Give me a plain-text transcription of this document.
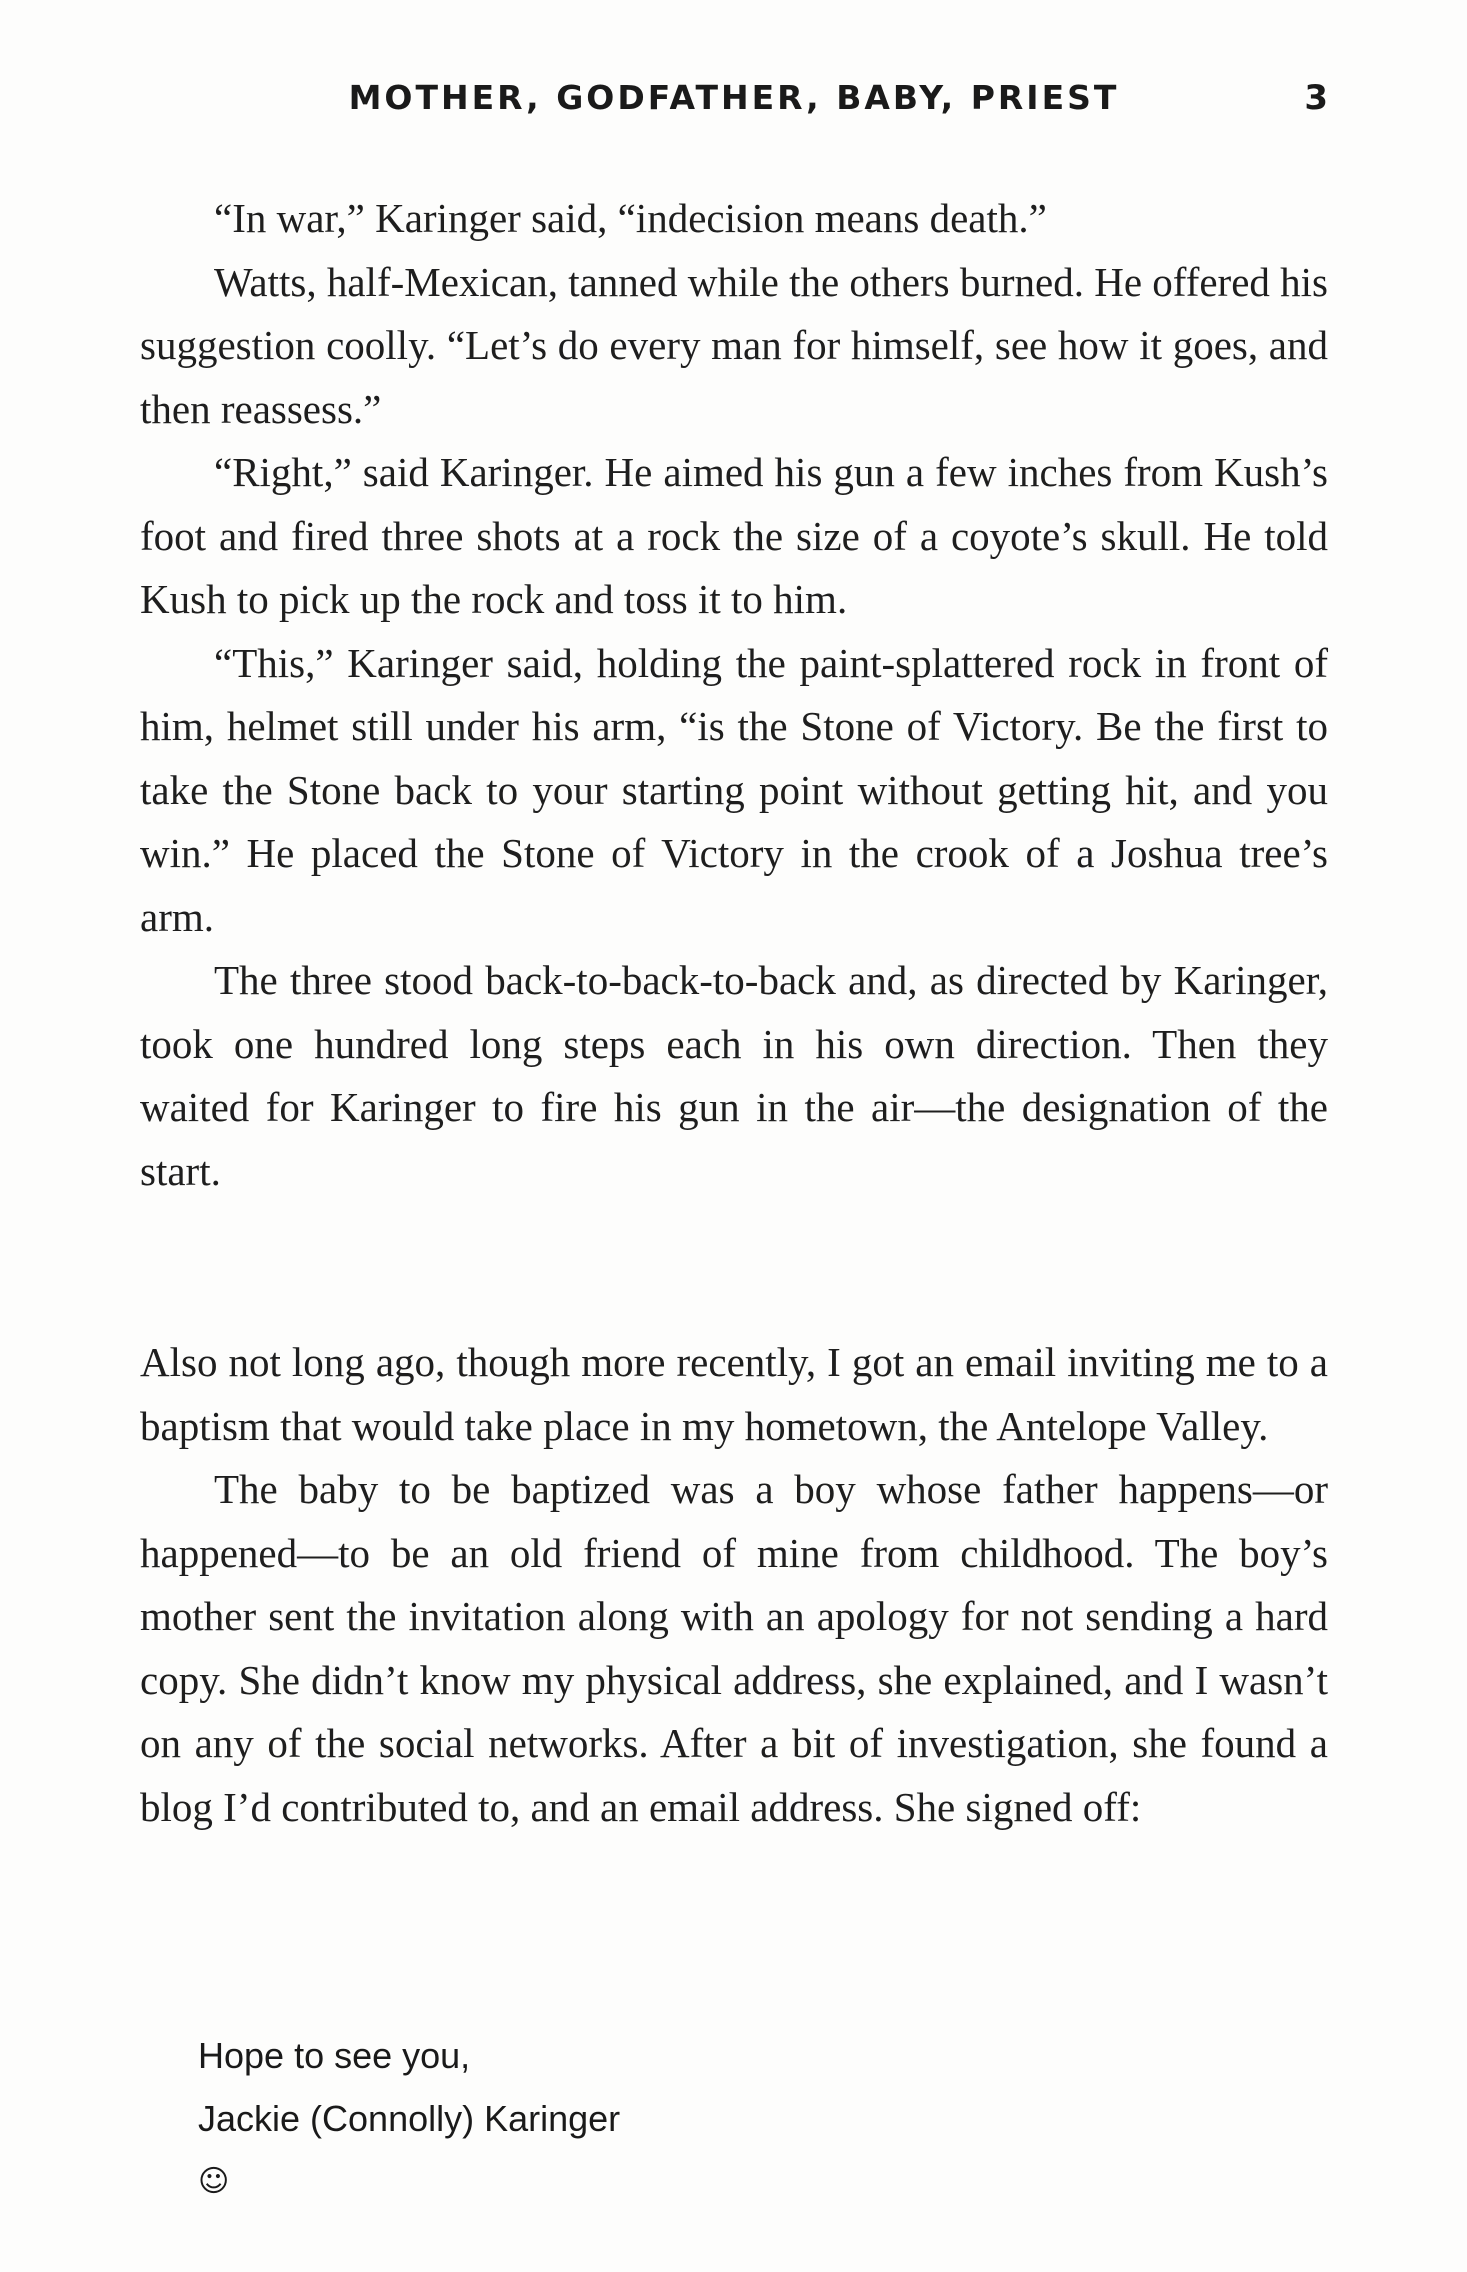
MOTHER, GODFATHER, BABY, PRIEST	3

“In war,” Karinger said, “indecision means death.”

Watts, half-Mexican, tanned while the others burned. He offered his suggestion coolly. “Let’s do every man for himself, see how it goes, and then reassess.”

“Right,” said Karinger. He aimed his gun a few inches from Kush’s foot and fired three shots at a rock the size of a coyote’s skull. He told Kush to pick up the rock and toss it to him.

“This,” Karinger said, holding the paint-splattered rock in front of him, helmet still under his arm, “is the Stone of Victory. Be the first to take the Stone back to your starting point without getting hit, and you win.” He placed the Stone of Victory in the crook of a Joshua tree’s arm.

The three stood back-to-back-to-back and, as directed by Karinger, took one hundred long steps each in his own direction. Then they waited for Karinger to fire his gun in the air—the designation of the start.

Also not long ago, though more recently, I got an email inviting me to a baptism that would take place in my hometown, the Antelope Valley.

The baby to be baptized was a boy whose father happens—or happened—to be an old friend of mine from childhood. The boy’s mother sent the invitation along with an apology for not sending a hard copy. She didn’t know my physical address, she explained, and I wasn’t on any of the social networks. After a bit of investigation, she found a blog I’d contributed to, and an email address. She signed off:

Hope to see you,
Jackie (Connolly) Karinger
☺
